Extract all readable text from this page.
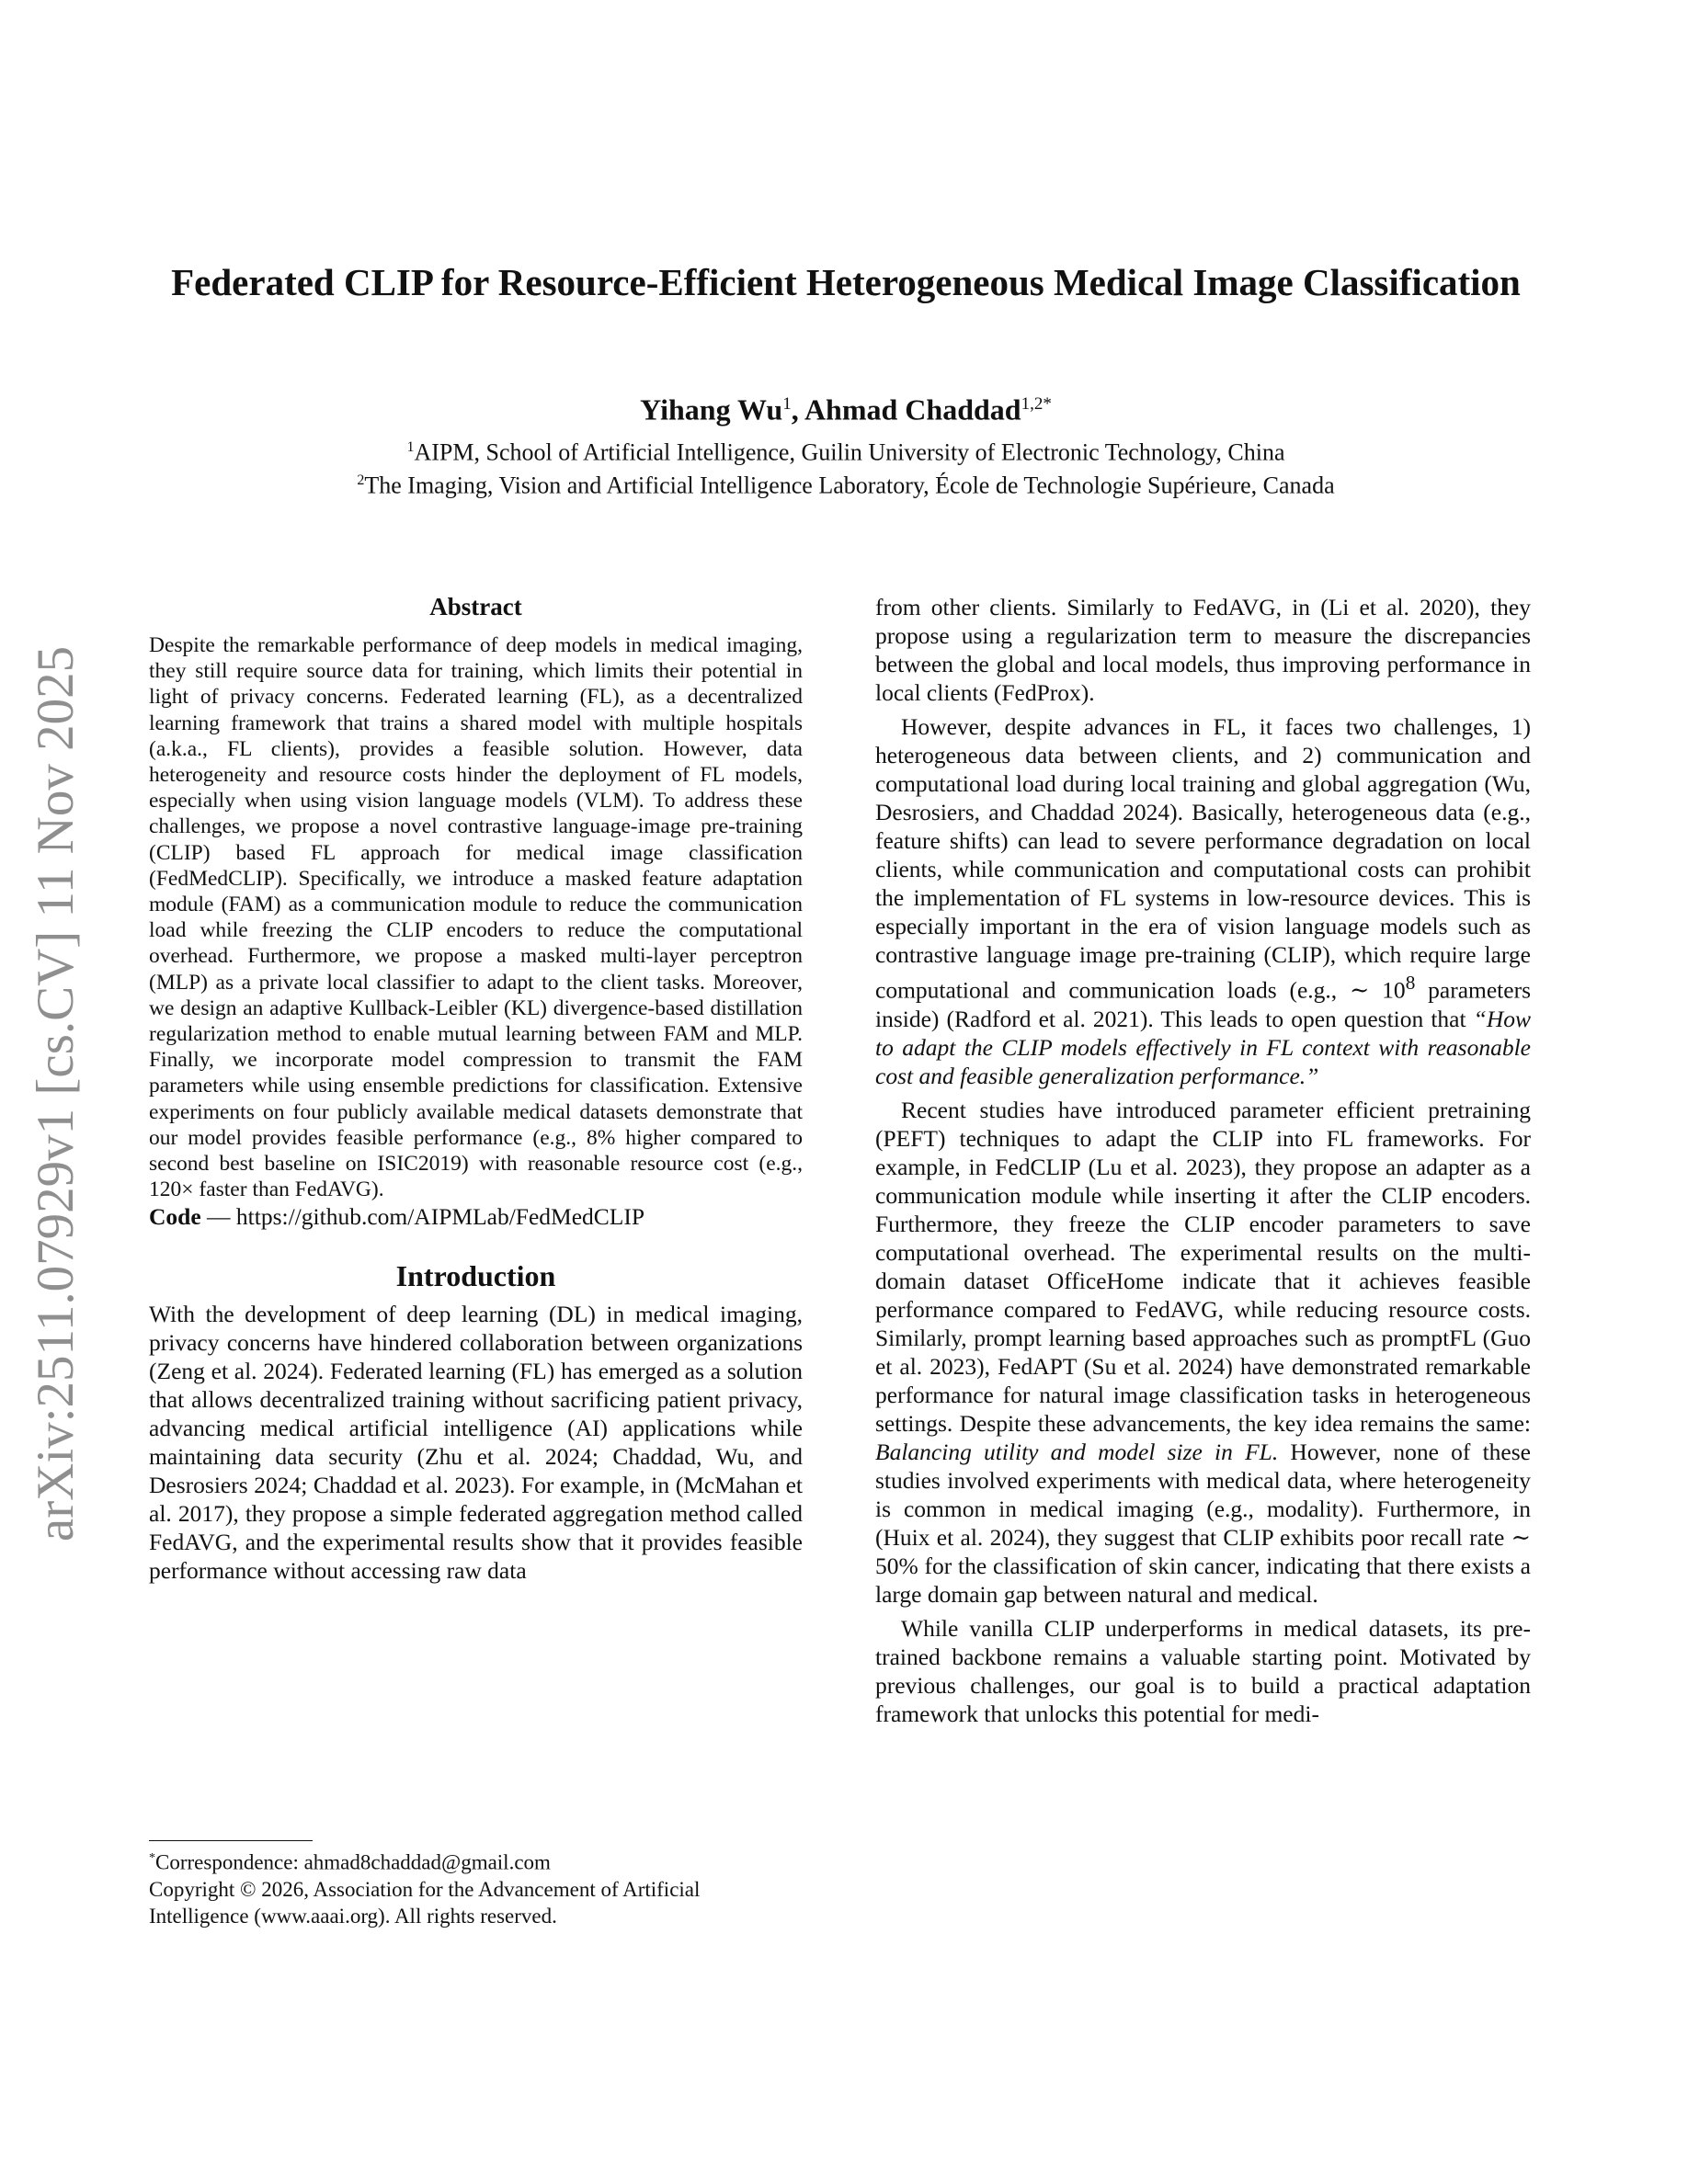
arXiv:2511.07929v1 [cs.CV] 11 Nov 2025
Federated CLIP for Resource-Efficient Heterogeneous Medical Image Classification
Yihang Wu$^1$, Ahmad Chaddad$^{1,2*}$
$^1$AIPM, School of Artificial Intelligence, Guilin University of Electronic Technology, China
$^2$The Imaging, Vision and Artificial Intelligence Laboratory, École de Technologie Supérieure, Canada
Abstract

Despite the remarkable performance of deep models in medical imaging, they still require source data for training, which limits their potential in light of privacy concerns. Federated learning (FL), as a decentralized learning framework that trains a shared model with multiple hospitals (a.k.a., FL clients), provides a feasible solution. However, data heterogeneity and resource costs hinder the deployment of FL models, especially when using vision language models (VLM). To address these challenges, we propose a novel contrastive language-image pre-training (CLIP) based FL approach for medical image classification (FedMedCLIP). Specifically, we introduce a masked feature adaptation module (FAM) as a communication module to reduce the communication load while freezing the CLIP encoders to reduce the computational overhead. Furthermore, we propose a masked multi-layer perceptron (MLP) as a private local classifier to adapt to the client tasks. Moreover, we design an adaptive Kullback-Leibler (KL) divergence-based distillation regularization method to enable mutual learning between FAM and MLP. Finally, we incorporate model compression to transmit the FAM parameters while using ensemble predictions for classification. Extensive experiments on four publicly available medical datasets demonstrate that our model provides feasible performance (e.g., 8% higher compared to second best baseline on ISIC2019) with reasonable resource cost (e.g., 120× faster than FedAVG).

Code — https://github.com/AIPMLab/FedMedCLIP

Introduction

With the development of deep learning (DL) in medical imaging, privacy concerns have hindered collaboration between organizations (Zeng et al. 2024). Federated learning (FL) has emerged as a solution that allows decentralized training without sacrificing patient privacy, advancing medical artificial intelligence (AI) applications while maintaining data security (Zhu et al. 2024; Chaddad, Wu, and Desrosiers 2024; Chaddad et al. 2023). For example, in (McMahan et al. 2017), they propose a simple federated aggregation method called FedAVG, and the experimental results show that it provides feasible performance without accessing raw data

*Correspondence: ahmad8chaddad@gmail.com
Copyright © 2026, Association for the Advancement of Artificial Intelligence (www.aaai.org). All rights reserved.

from other clients. Similarly to FedAVG, in (Li et al. 2020), they propose using a regularization term to measure the discrepancies between the global and local models, thus improving performance in local clients (FedProx).

However, despite advances in FL, it faces two challenges, 1) heterogeneous data between clients, and 2) communication and computational load during local training and global aggregation (Wu, Desrosiers, and Chaddad 2024). Basically, heterogeneous data (e.g., feature shifts) can lead to severe performance degradation on local clients, while communication and computational costs can prohibit the implementation of FL systems in low-resource devices. This is especially important in the era of vision language models such as contrastive language image pre-training (CLIP), which require large computational and communication loads (e.g., ∼ $10^8$ parameters inside) (Radford et al. 2021). This leads to open question that “How to adapt the CLIP models effectively in FL context with reasonable cost and feasible generalization performance.”

Recent studies have introduced parameter efficient pretraining (PEFT) techniques to adapt the CLIP into FL frameworks. For example, in FedCLIP (Lu et al. 2023), they propose an adapter as a communication module while inserting it after the CLIP encoders. Furthermore, they freeze the CLIP encoder parameters to save computational overhead. The experimental results on the multi-domain dataset OfficeHome indicate that it achieves feasible performance compared to FedAVG, while reducing resource costs. Similarly, prompt learning based approaches such as promptFL (Guo et al. 2023), FedAPT (Su et al. 2024) have demonstrated remarkable performance for natural image classification tasks in heterogeneous settings. Despite these advancements, the key idea remains the same: Balancing utility and model size in FL. However, none of these studies involved experiments with medical data, where heterogeneity is common in medical imaging (e.g., modality). Furthermore, in (Huix et al. 2024), they suggest that CLIP exhibits poor recall rate ∼ 50% for the classification of skin cancer, indicating that there exists a large domain gap between natural and medical.

While vanilla CLIP underperforms in medical datasets, its pre-trained backbone remains a valuable starting point. Motivated by previous challenges, our goal is to build a practical adaptation framework that unlocks this potential for medi-
